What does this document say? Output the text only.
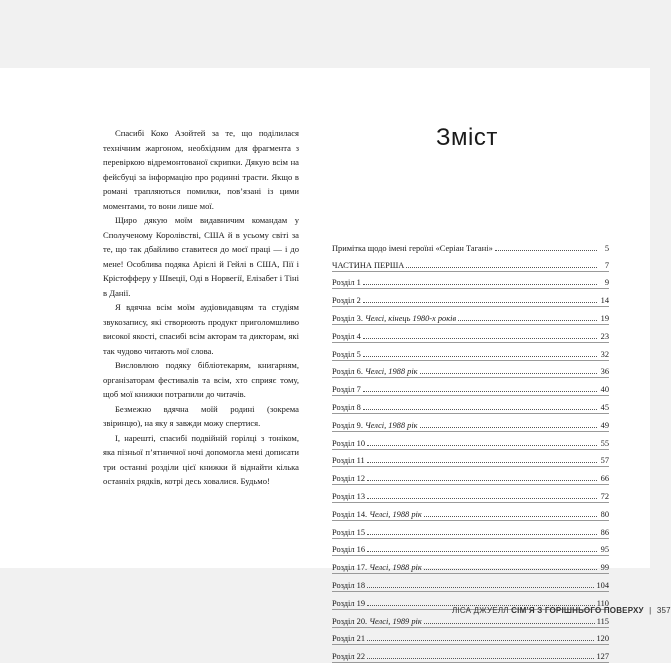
Спасибі Коко Азойтей за те, що поділилася технічним жаргоном, необхідним для фрагмента з перевіркою відремонтованої скрипки. Дякую всім на фейсбуці за інформацію про родинні трасти. Якщо в романі трапляються помилки, пов’язані із цими моментами, то вони лише мої.

Щиро дякую моїм видавничим командам у Сполученому Королівстві, США й в усьому світі за те, що так дбайливо ставитеся до моєї праці — і до мене! Особлива подяка Арієлі й Гейлі в США, Пії і Крістофферу у Швеції, Оді в Норвегії, Елізабет і Тіні в Данії.

Я вдячна всім моїм аудіовидавцям та студіям звукозапису, які створюють продукт приголомшливо високої якості, спасибі всім акторам та дикторам, які так чудово читають мої слова.

Висловлюю подяку бібліотекарям, книгарням, організаторам фестивалів та всім, хто сприяє тому, щоб мої книжки потрапили до читачів.

Безмежно вдячна моїй родині (зокрема звіринцю), на яку я завжди можу спертися.

І, нарешті, спасибі подвійній горілці з тоніком, яка пізньої п’ятничної ночі допомогла мені дописати три останні розділи цієї книжки й віднайти кілька останніх рядків, котрі десь ховалися. Будьмо!

Зміст
Примітка щодо імені героїні «Серіан Тагані»	5
ЧАСТИНА ПЕРША	7
Розділ 1	9
Розділ 2	14
Розділ 3. Челсі, кінець 1980-х років	19
Розділ 4	23
Розділ 5	32
Розділ 6. Челсі, 1988 рік	36
Розділ 7	40
Розділ 8	45
Розділ 9. Челсі, 1988 рік	49
Розділ 10	55
Розділ 11	57
Розділ 12	66
Розділ 13	72
Розділ 14. Челсі, 1988 рік	80
Розділ 15	86
Розділ 16	95
Розділ 17. Челсі, 1988 рік	99
Розділ 18	104
Розділ 19	110
Розділ 20. Челсі, 1989 рік	115
Розділ 21	120
Розділ 22	127
ЛІСА ДЖУЕЛЛ СІМ’Я З ГОРІШНЬОГО ПОВЕРХУ | 357
